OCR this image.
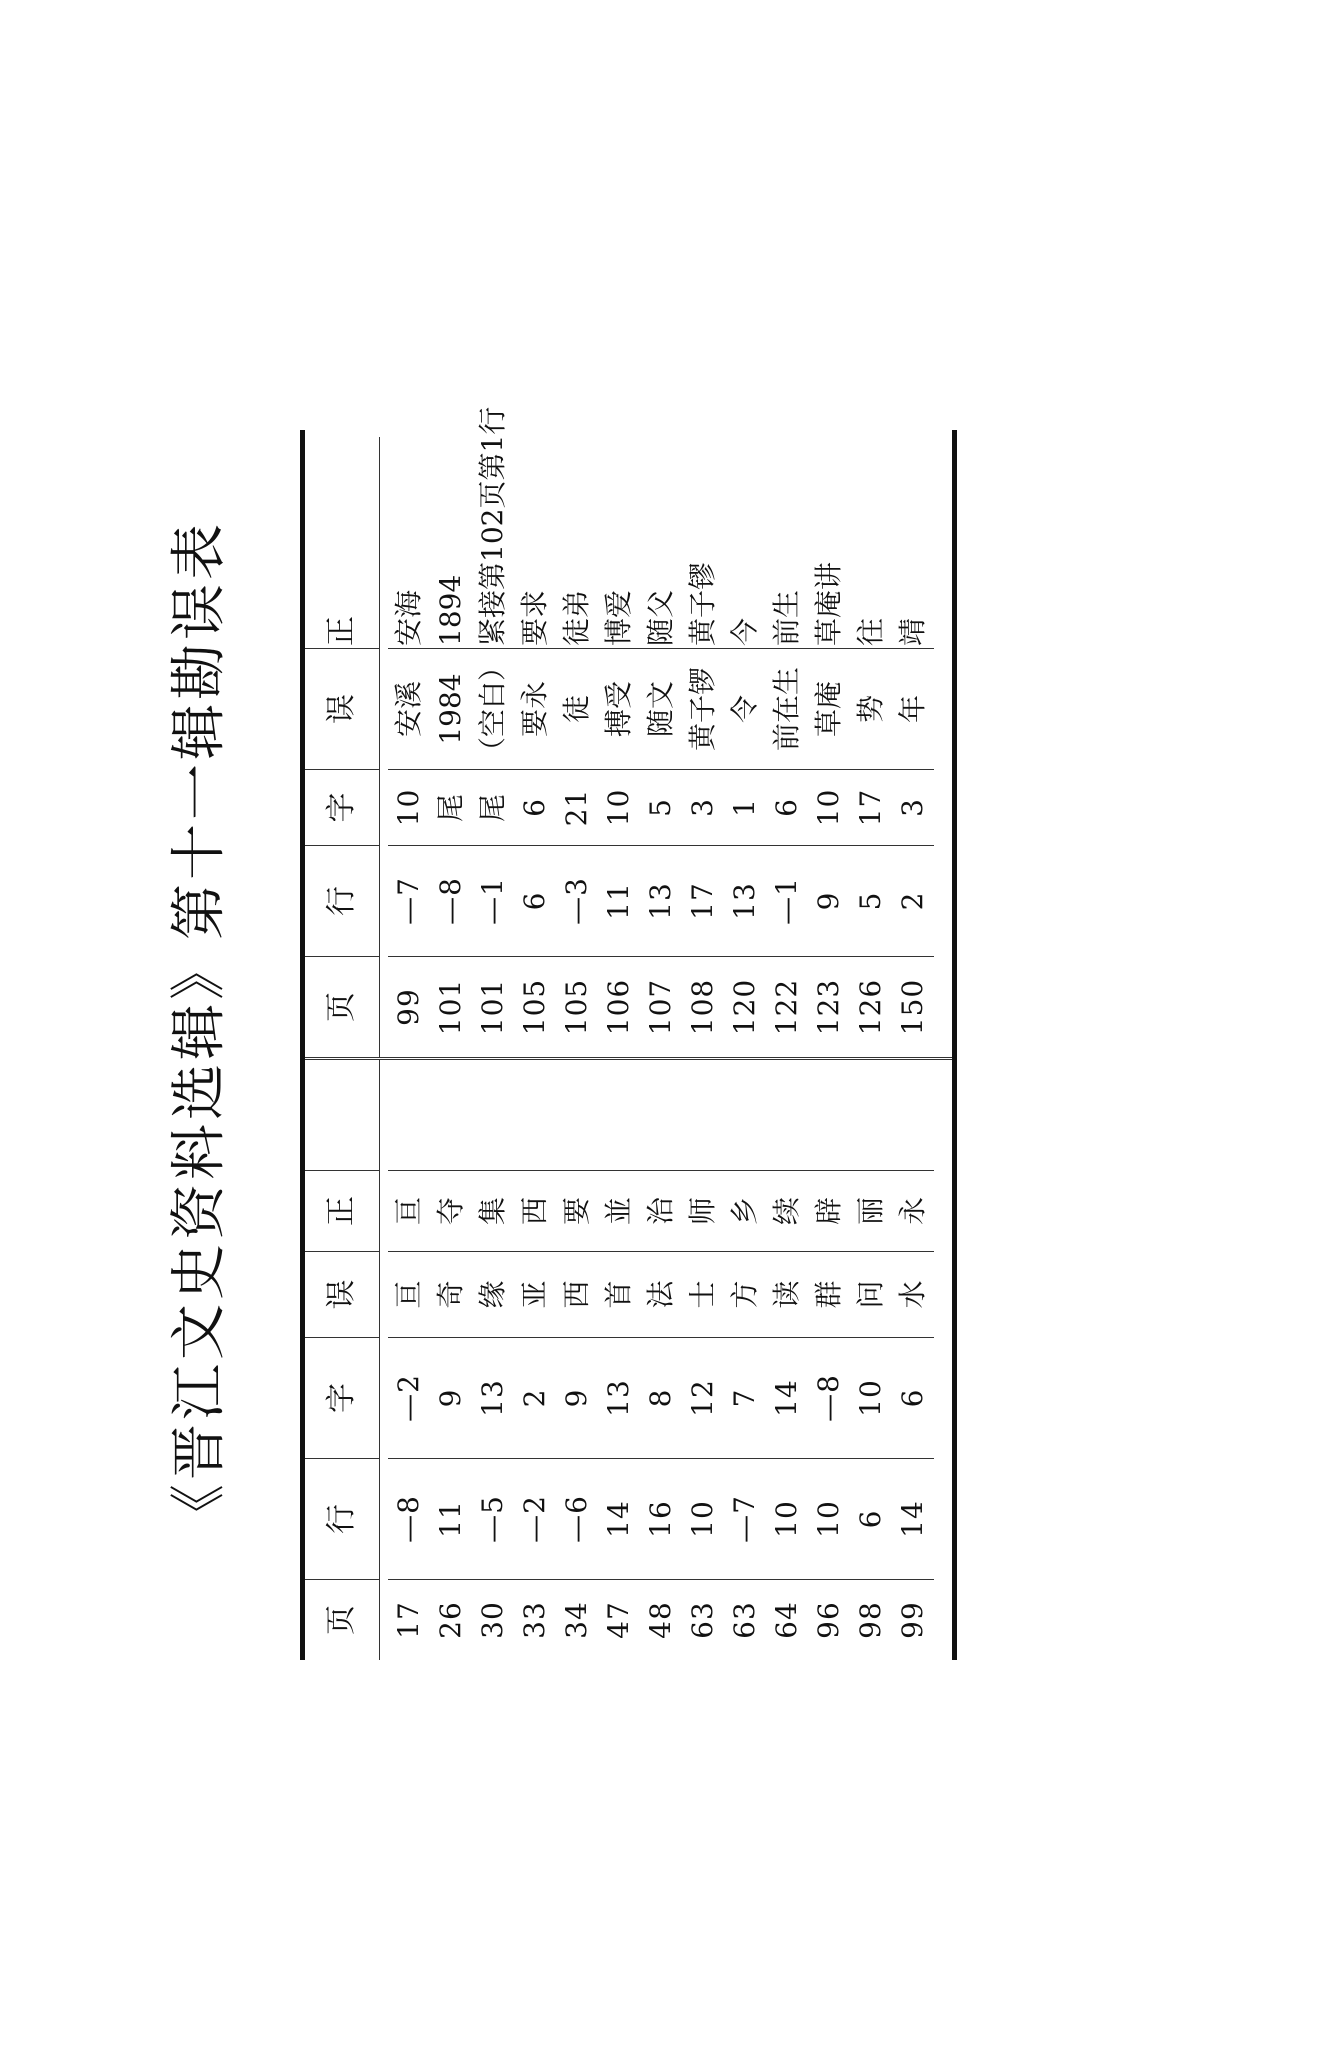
《晋江文史资料选辑》第十一辑勘误表
页
行
字
误
正
17
—8
—2
亘
亘
26
11
9
奇
夺
30
—5
13
缘
集
33
—2
2
亚
西
34
—6
9
西
要
47
14
13
首
並
48
16
8
法
治
63
10
12
士
师
63
—7
7
方
乡
64
10
14
读
续
96
10
—8
群
辟
98
6
10
问
丽
99
14
6
水
永
页
行
字
误
正
99
—7
10
安溪
安海
101
—8
尾
1984
1894
101
—1
尾
（空白）
紧接第102页第1行
105
6
6
要永
要求
105
—3
21
徒
徒弟
106
11
10
搏受
博爱
107
13
5
随文
随父
108
17
3
黄子锣
黄子镠
120
13
1
令
今
122
—1
6
前在生
前生
123
9
10
草庵
草庵讲
126
5
17
势
往
150
2
3
年
靖
